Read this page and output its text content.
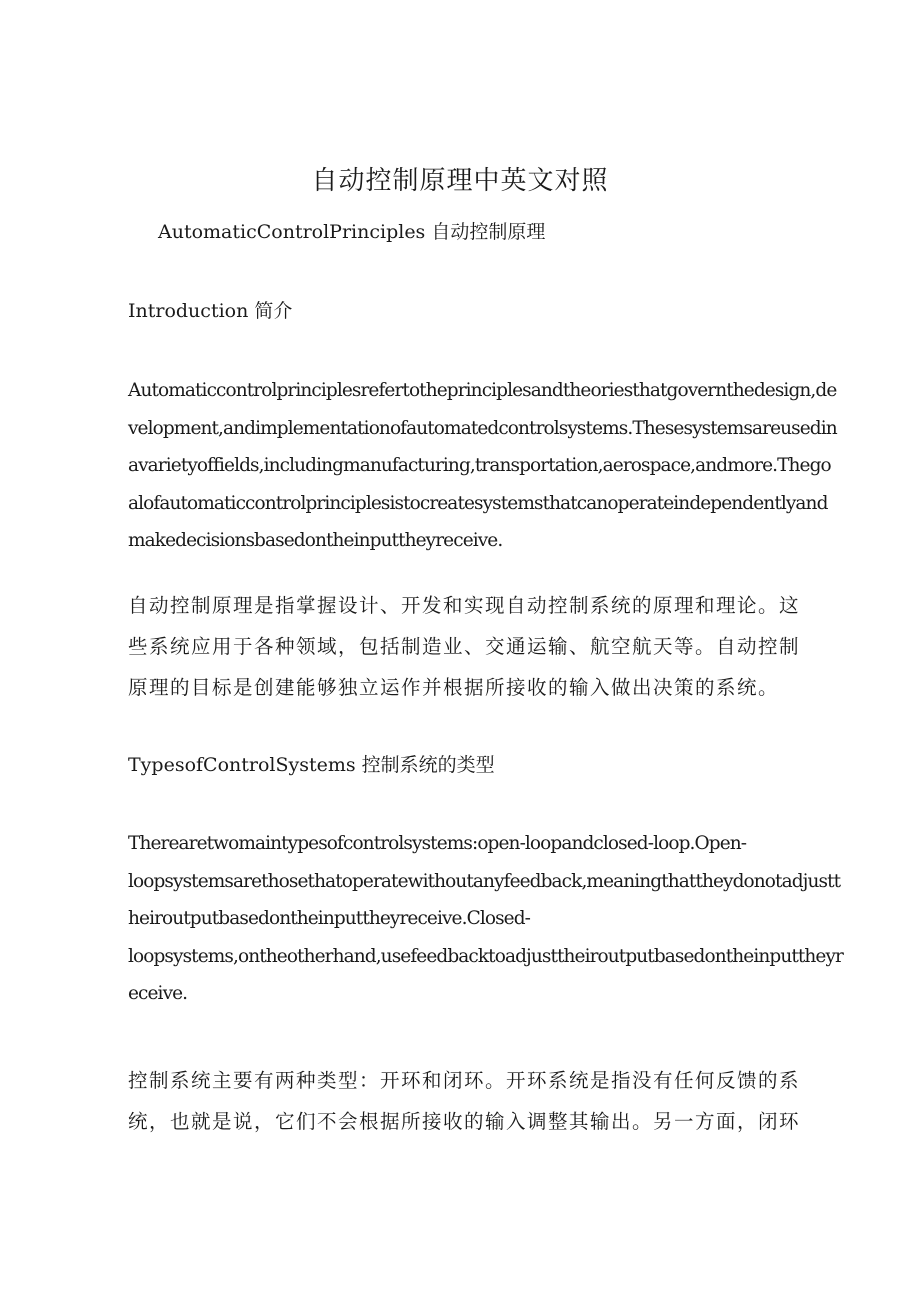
自动控制原理中英文对照
AutomaticControlPrinciples 自动控制原理
Introduction 简介
Automaticcontrolprinciplesrefertotheprinciplesandtheoriesthatgovernthedesign,de
velopment,andimplementationofautomatedcontrolsystems.Thesesystemsareusedin
avarietyoffields,includingmanufacturing,transportation,aerospace,andmore.Thego
alofautomaticcontrolprinciplesistocreatesystemsthatcanoperateindependentlyand
makedecisionsbasedontheinputtheyreceive.
自动控制原理是指掌握设计、开发和实现自动控制系统的原理和理论。这
些系统应用于各种领域，包括制造业、交通运输、航空航天等。自动控制
原理的目标是创建能够独立运作并根据所接收的输入做出决策的系统。
TypesofControlSystems 控制系统的类型
Therearetwomaintypesofcontrolsystems:open-loopandclosed-loop.Open-
loopsystemsarethosethatoperatewithoutanyfeedback,meaningthattheydonotadjustt
heiroutputbasedontheinputtheyreceive.Closed-
loopsystems,ontheotherhand,usefeedbacktoadjusttheiroutputbasedontheinputtheyr
eceive.
控制系统主要有两种类型：开环和闭环。开环系统是指没有任何反馈的系
统，也就是说，它们不会根据所接收的输入调整其输出。另一方面，闭环
